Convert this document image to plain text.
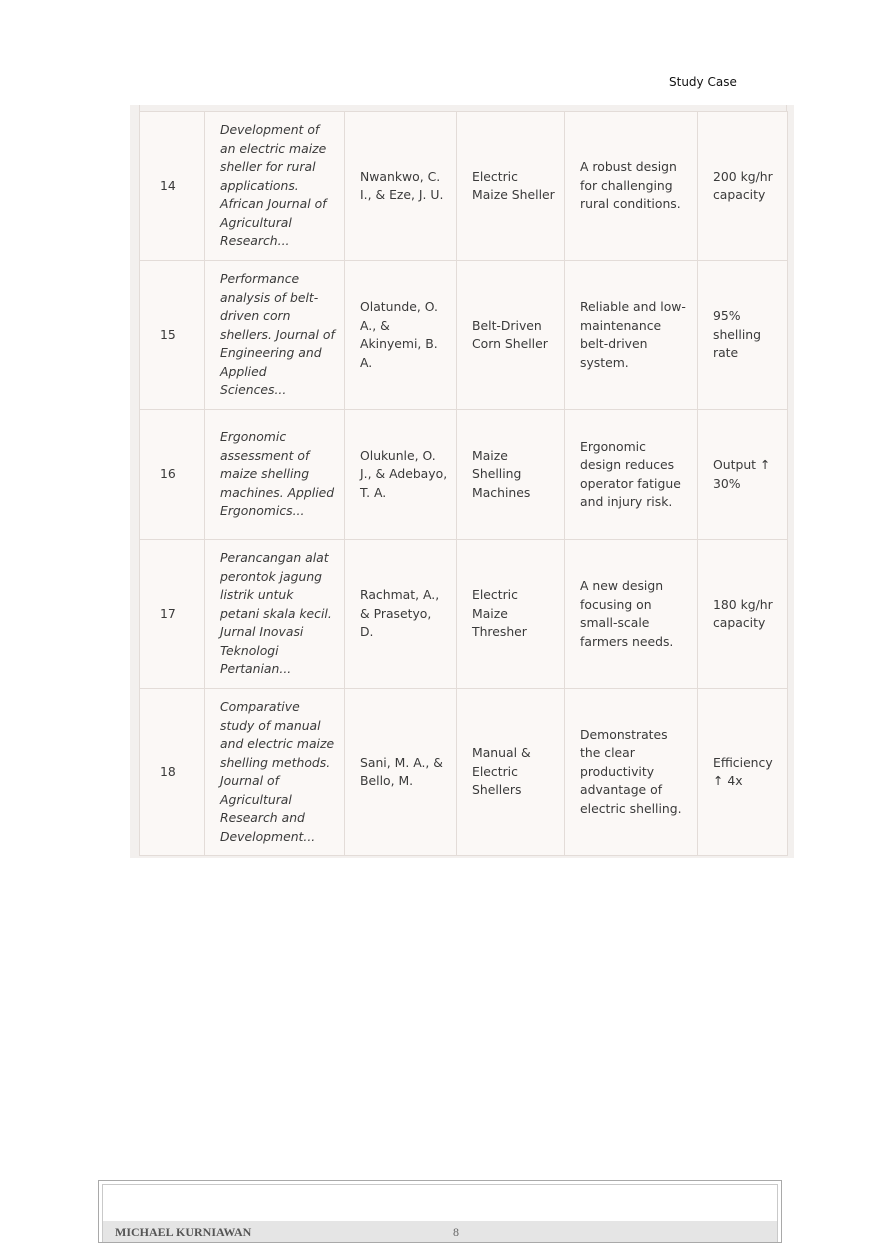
Study Case
14	Development of an electric maize sheller for rural applications. African Journal of Agricultural Research...	Nwankwo, C. I., & Eze, J. U.	Electric Maize Sheller	A robust design for challenging rural conditions.	200 kg/hr capacity
15	Performance analysis of belt-driven corn shellers. Journal of Engineering and Applied Sciences...	Olatunde, O. A., & Akinyemi, B. A.	Belt-Driven Corn Sheller	Reliable and low-maintenance belt-driven system.	95% shelling rate
16	Ergonomic assessment of maize shelling machines. Applied Ergonomics...	Olukunle, O. J., & Adebayo, T. A.	Maize Shelling Machines	Ergonomic design reduces operator fatigue and injury risk.	Output ↑ 30%
17	Perancangan alat perontok jagung listrik untuk petani skala kecil. Jurnal Inovasi Teknologi Pertanian...	Rachmat, A., & Prasetyo, D.	Electric Maize Thresher	A new design focusing on small-scale farmers needs.	180 kg/hr capacity
18	Comparative study of manual and electric maize shelling methods. Journal of Agricultural Research and Development...	Sani, M. A., & Bello, M.	Manual & Electric Shellers	Demonstrates the clear productivity advantage of electric shelling.	Efficiency ↑ 4x
MICHAEL KURNIAWAN	8
